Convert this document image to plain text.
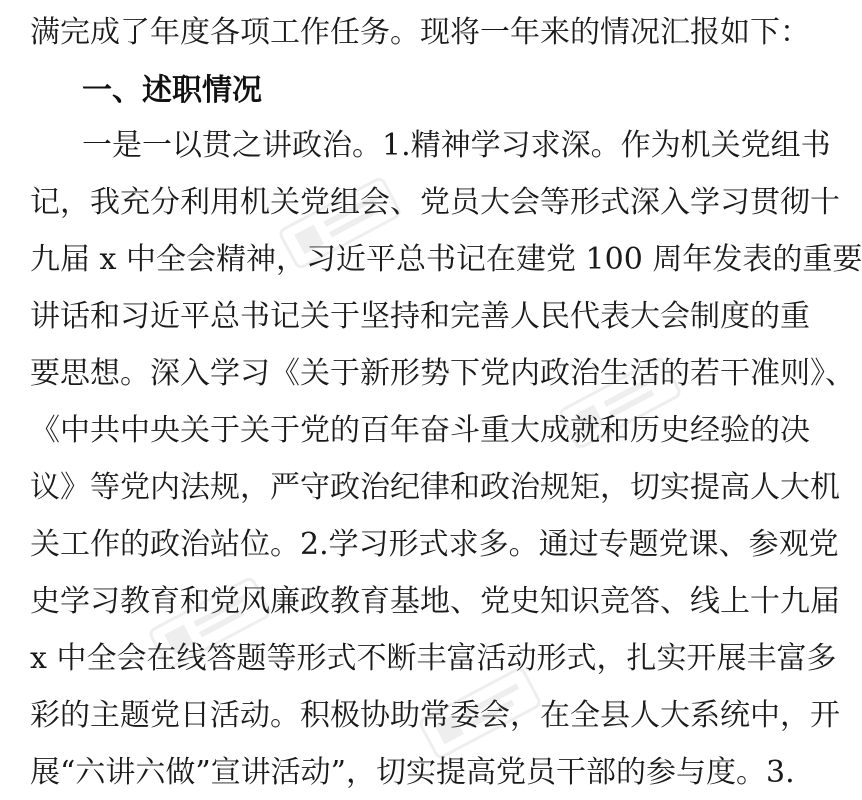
满完成了年度各项工作任务。现将一年来的情况汇报如下：
一、述职情况
一是一以贯之讲政治。1.精神学习求深。作为机关党组书
记，我充分利用机关党组会、党员大会等形式深入学习贯彻十
九届 x 中全会精神，习近平总书记在建党 100 周年发表的重要
讲话和习近平总书记关于坚持和完善人民代表大会制度的重
要思想。深入学习《关于新形势下党内政治生活的若干准则》、
《中共中央关于关于党的百年奋斗重大成就和历史经验的决
议》等党内法规，严守政治纪律和政治规矩，切实提高人大机
关工作的政治站位。2.学习形式求多。通过专题党课、参观党
史学习教育和党风廉政教育基地、党史知识竞答、线上十九届
x 中全会在线答题等形式不断丰富活动形式，扎实开展丰富多
彩的主题党日活动。积极协助常委会，在全县人大系统中，开
展“六讲六做”宣讲活动”，切实提高党员干部的参与度。3.
